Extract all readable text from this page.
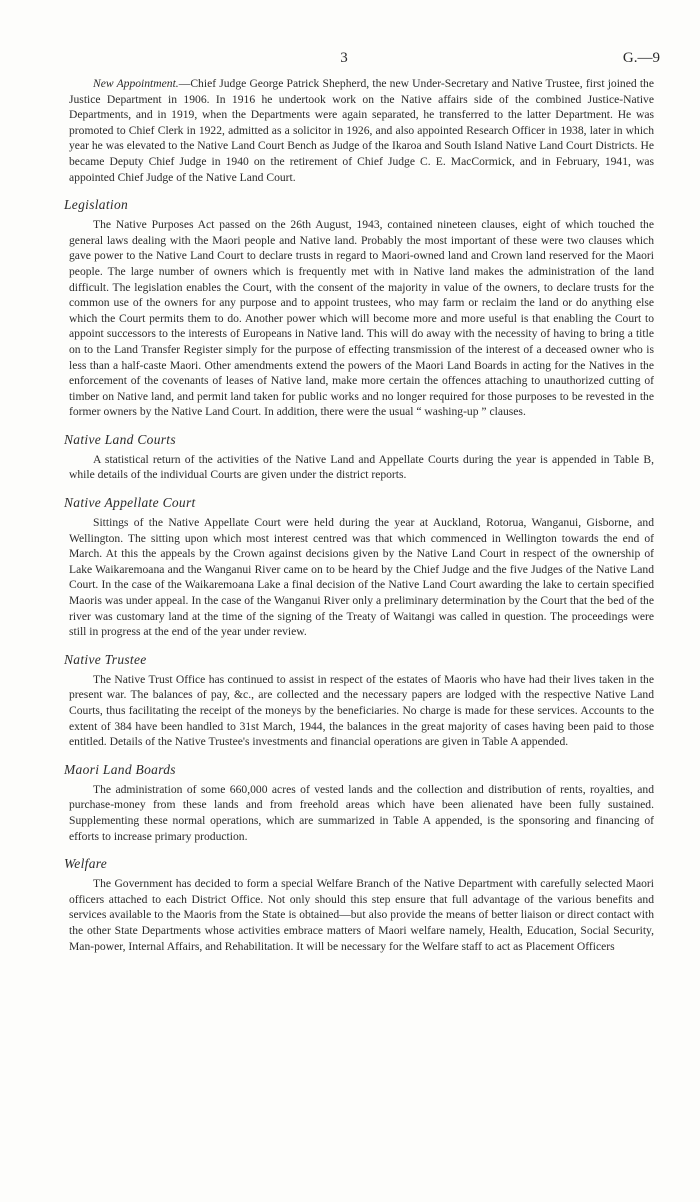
3	G.—9

New Appointment.—Chief Judge George Patrick Shepherd, the new Under-Secretary and Native Trustee, first joined the Justice Department in 1906. In 1916 he undertook work on the Native affairs side of the combined Justice-Native Departments, and in 1919, when the Departments were again separated, he transferred to the latter Department. He was promoted to Chief Clerk in 1922, admitted as a solicitor in 1926, and also appointed Research Officer in 1938, later in which year he was elevated to the Native Land Court Bench as Judge of the Ikaroa and South Island Native Land Court Districts. He became Deputy Chief Judge in 1940 on the retirement of Chief Judge C. E. MacCormick, and in February, 1941, was appointed Chief Judge of the Native Land Court.

Legislation

The Native Purposes Act passed on the 26th August, 1943, contained nineteen clauses, eight of which touched the general laws dealing with the Maori people and Native land. Probably the most important of these were two clauses which gave power to the Native Land Court to declare trusts in regard to Maori-owned land and Crown land reserved for the Maori people. The large number of owners which is frequently met with in Native land makes the administration of the land difficult. The legislation enables the Court, with the consent of the majority in value of the owners, to declare trusts for the common use of the owners for any purpose and to appoint trustees, who may farm or reclaim the land or do anything else which the Court permits them to do. Another power which will become more and more useful is that enabling the Court to appoint successors to the interests of Europeans in Native land. This will do away with the necessity of having to bring a title on to the Land Transfer Register simply for the purpose of effecting transmission of the interest of a deceased owner who is less than a half-caste Maori. Other amendments extend the powers of the Maori Land Boards in acting for the Natives in the enforcement of the covenants of leases of Native land, make more certain the offences attaching to unauthorized cutting of timber on Native land, and permit land taken for public works and no longer required for those purposes to be revested in the former owners by the Native Land Court. In addition, there were the usual “ washing-up ” clauses.

Native Land Courts

A statistical return of the activities of the Native Land and Appellate Courts during the year is appended in Table B, while details of the individual Courts are given under the district reports.

Native Appellate Court

Sittings of the Native Appellate Court were held during the year at Auckland, Rotorua, Wanganui, Gisborne, and Wellington. The sitting upon which most interest centred was that which commenced in Wellington towards the end of March. At this the appeals by the Crown against decisions given by the Native Land Court in respect of the ownership of Lake Waikaremoana and the Wanganui River came on to be heard by the Chief Judge and the five Judges of the Native Land Court. In the case of the Waikaremoana Lake a final decision of the Native Land Court awarding the lake to certain specified Maoris was under appeal. In the case of the Wanganui River only a preliminary determination by the Court that the bed of the river was customary land at the time of the signing of the Treaty of Waitangi was called in question. The proceedings were still in progress at the end of the year under review.

Native Trustee

The Native Trust Office has continued to assist in respect of the estates of Maoris who have had their lives taken in the present war. The balances of pay, &c., are collected and the necessary papers are lodged with the respective Native Land Courts, thus facilitating the receipt of the moneys by the beneficiaries. No charge is made for these services. Accounts to the extent of 384 have been handled to 31st March, 1944, the balances in the great majority of cases having been paid to those entitled. Details of the Native Trustee's investments and financial operations are given in Table A appended.

Maori Land Boards

The administration of some 660,000 acres of vested lands and the collection and distribution of rents, royalties, and purchase-money from these lands and from freehold areas which have been alienated have been fully sustained. Supplementing these normal operations, which are summarized in Table A appended, is the sponsoring and financing of efforts to increase primary production.

Welfare

The Government has decided to form a special Welfare Branch of the Native Department with carefully selected Maori officers attached to each District Office. Not only should this step ensure that full advantage of the various benefits and services available to the Maoris from the State is obtained—but also provide the means of better liaison or direct contact with the other State Departments whose activities embrace matters of Maori welfare namely, Health, Education, Social Security, Man-power, Internal Affairs, and Rehabilitation. It will be necessary for the Welfare staff to act as Placement Officers
